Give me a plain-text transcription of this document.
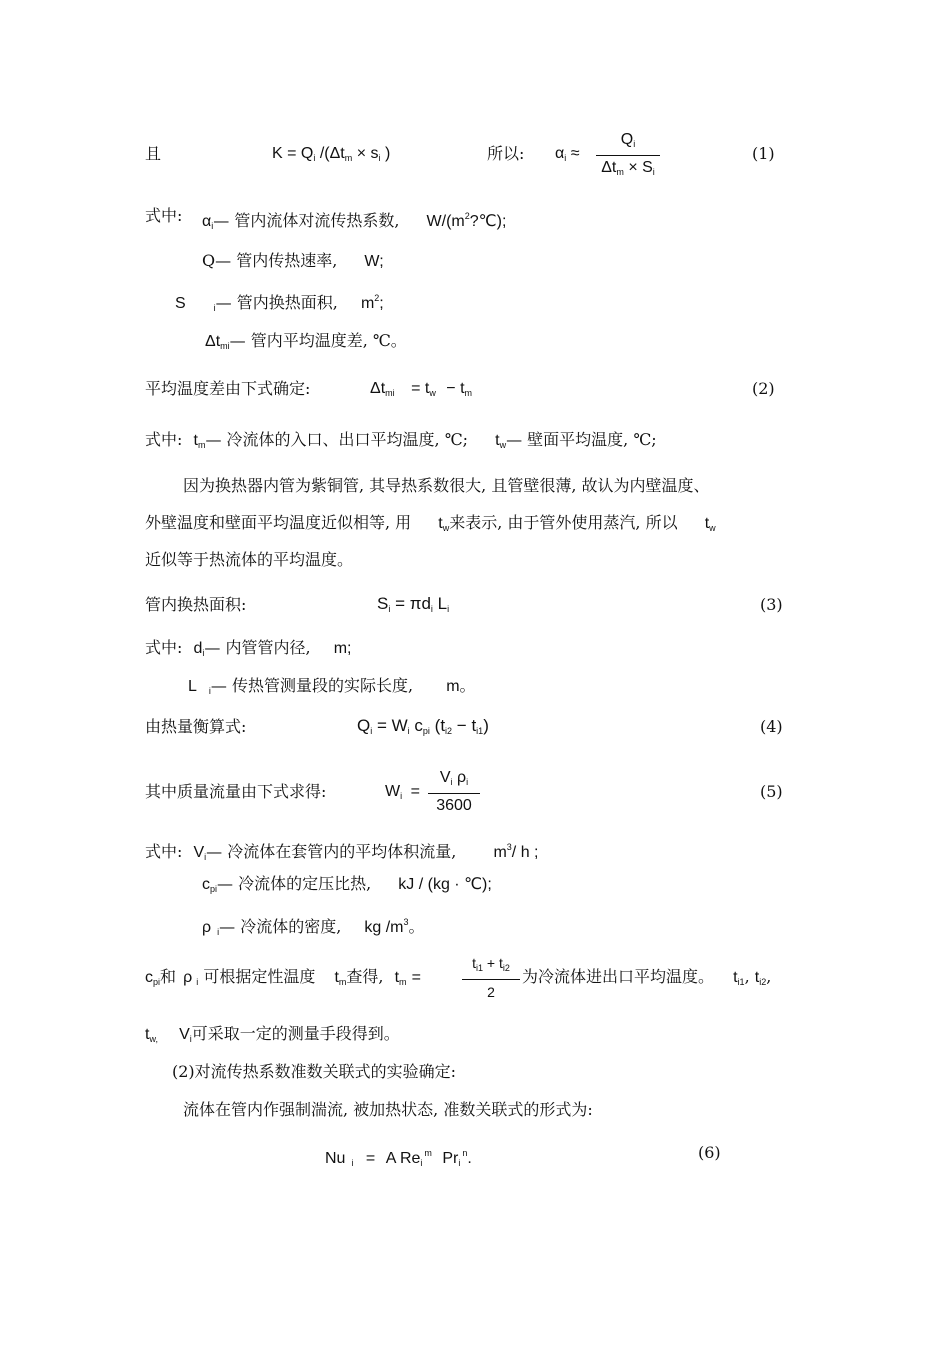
且	$K = Q_i$ $/(\Delta t_m \times s_i$ )	所以: $\alpha_i$ ≈
$Q_i$
$\Delta t_m \times S_i$
(1)
式中: $\alpha_i—$ 管内流体对流传热系数, $W/(m^2?℃)$;
Q— 管内传热速率, W;
S	$_i$— 管内换热面积, $m^2$;
$\Delta t_{mi}—$ 管内平均温度差, ℃。
平均温度差由下式确定:	$\Delta t_{mi} = t_w - t_m$	(2)
式中: $t_m—$ 冷流体的入口、出口平均温度, ℃; $t_w—$ 壁面平均温度, ℃;
因为换热器内管为紫铜管, 其导热系数很大, 且管壁很薄, 故认为内壁温度、
外壁温度和壁面平均温度近似相等, 用 $t_w$来表示, 由于管外使用蒸汽, 所以 $t_w$
近似等于热流体的平均温度。
管内换热面积:	$S_i = \pi d_i$ $L_i$	(3)
式中: $d_i—$ 内管管内径, m;
L $_i$— 传热管测量段的实际长度, m。
由热量衡算式:	$Q_i = W_i$ $c_{pi}$ $(t_{i2} - t_{i1})$	(4)
其中质量流量由下式求得:	$W_i$ =
$V_i$ $\rho_i$
3600
(5)
式中: $V_i—$ 冷流体在套管内的平均体积流量, $m^3/$ h ;
$c_{pi}—$ 冷流体的定压比热, kJ / (kg · ℃);
ρ $_i$— 冷流体的密度, kg $/m^3$。
$c_{pi}$和 ρ $_i$ 可根据定性温度 $t_m$查得, $t_m$ =
$t_{i1} + t_{i2}$
2
为冷流体进出口平均温度。 $t_{i1}$, $t_{i2}$,
$t_{w,}$ $V_i$可采取一定的测量手段得到。
(2)对流传热系数准数关联式的实验确定:
流体在管内作强制湍流, 被加热状态, 准数关联式的形式为:
Nu $_i$ = A $Re_i^m$ $Pr_i^n$.	(6)
